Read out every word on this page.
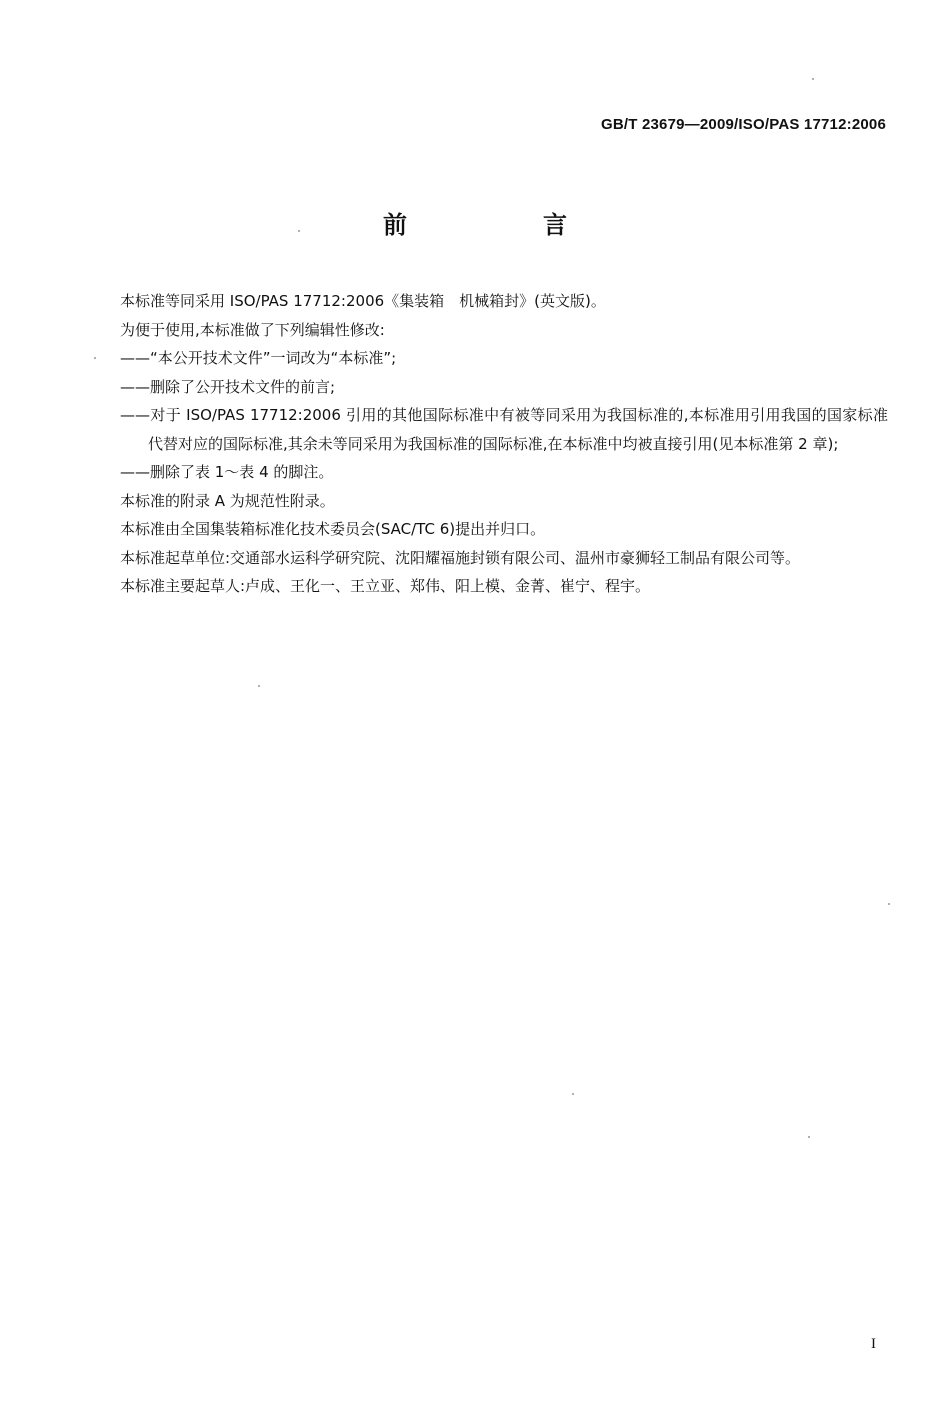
GB/T 23679—2009/ISO/PAS 17712:2006
前　言
本标准等同采用 ISO/PAS 17712:2006《集装箱　机械箱封》(英文版)。
为便于使用,本标准做了下列编辑性修改:
——“本公开技术文件”一词改为“本标准”;
——删除了公开技术文件的前言;
——对于 ISO/PAS 17712:2006 引用的其他国际标准中有被等同采用为我国标准的,本标准用引用我国的国家标准代替对应的国际标准,其余未等同采用为我国标准的国际标准,在本标准中均被直接引用(见本标准第 2 章);
——删除了表 1～表 4 的脚注。
本标准的附录 A 为规范性附录。
本标准由全国集装箱标准化技术委员会(SAC/TC 6)提出并归口。
本标准起草单位:交通部水运科学研究院、沈阳耀福施封锁有限公司、温州市豪狮轻工制品有限公司等。
本标准主要起草人:卢成、王化一、王立亚、郑伟、阳上模、金菁、崔宁、程宇。
I
